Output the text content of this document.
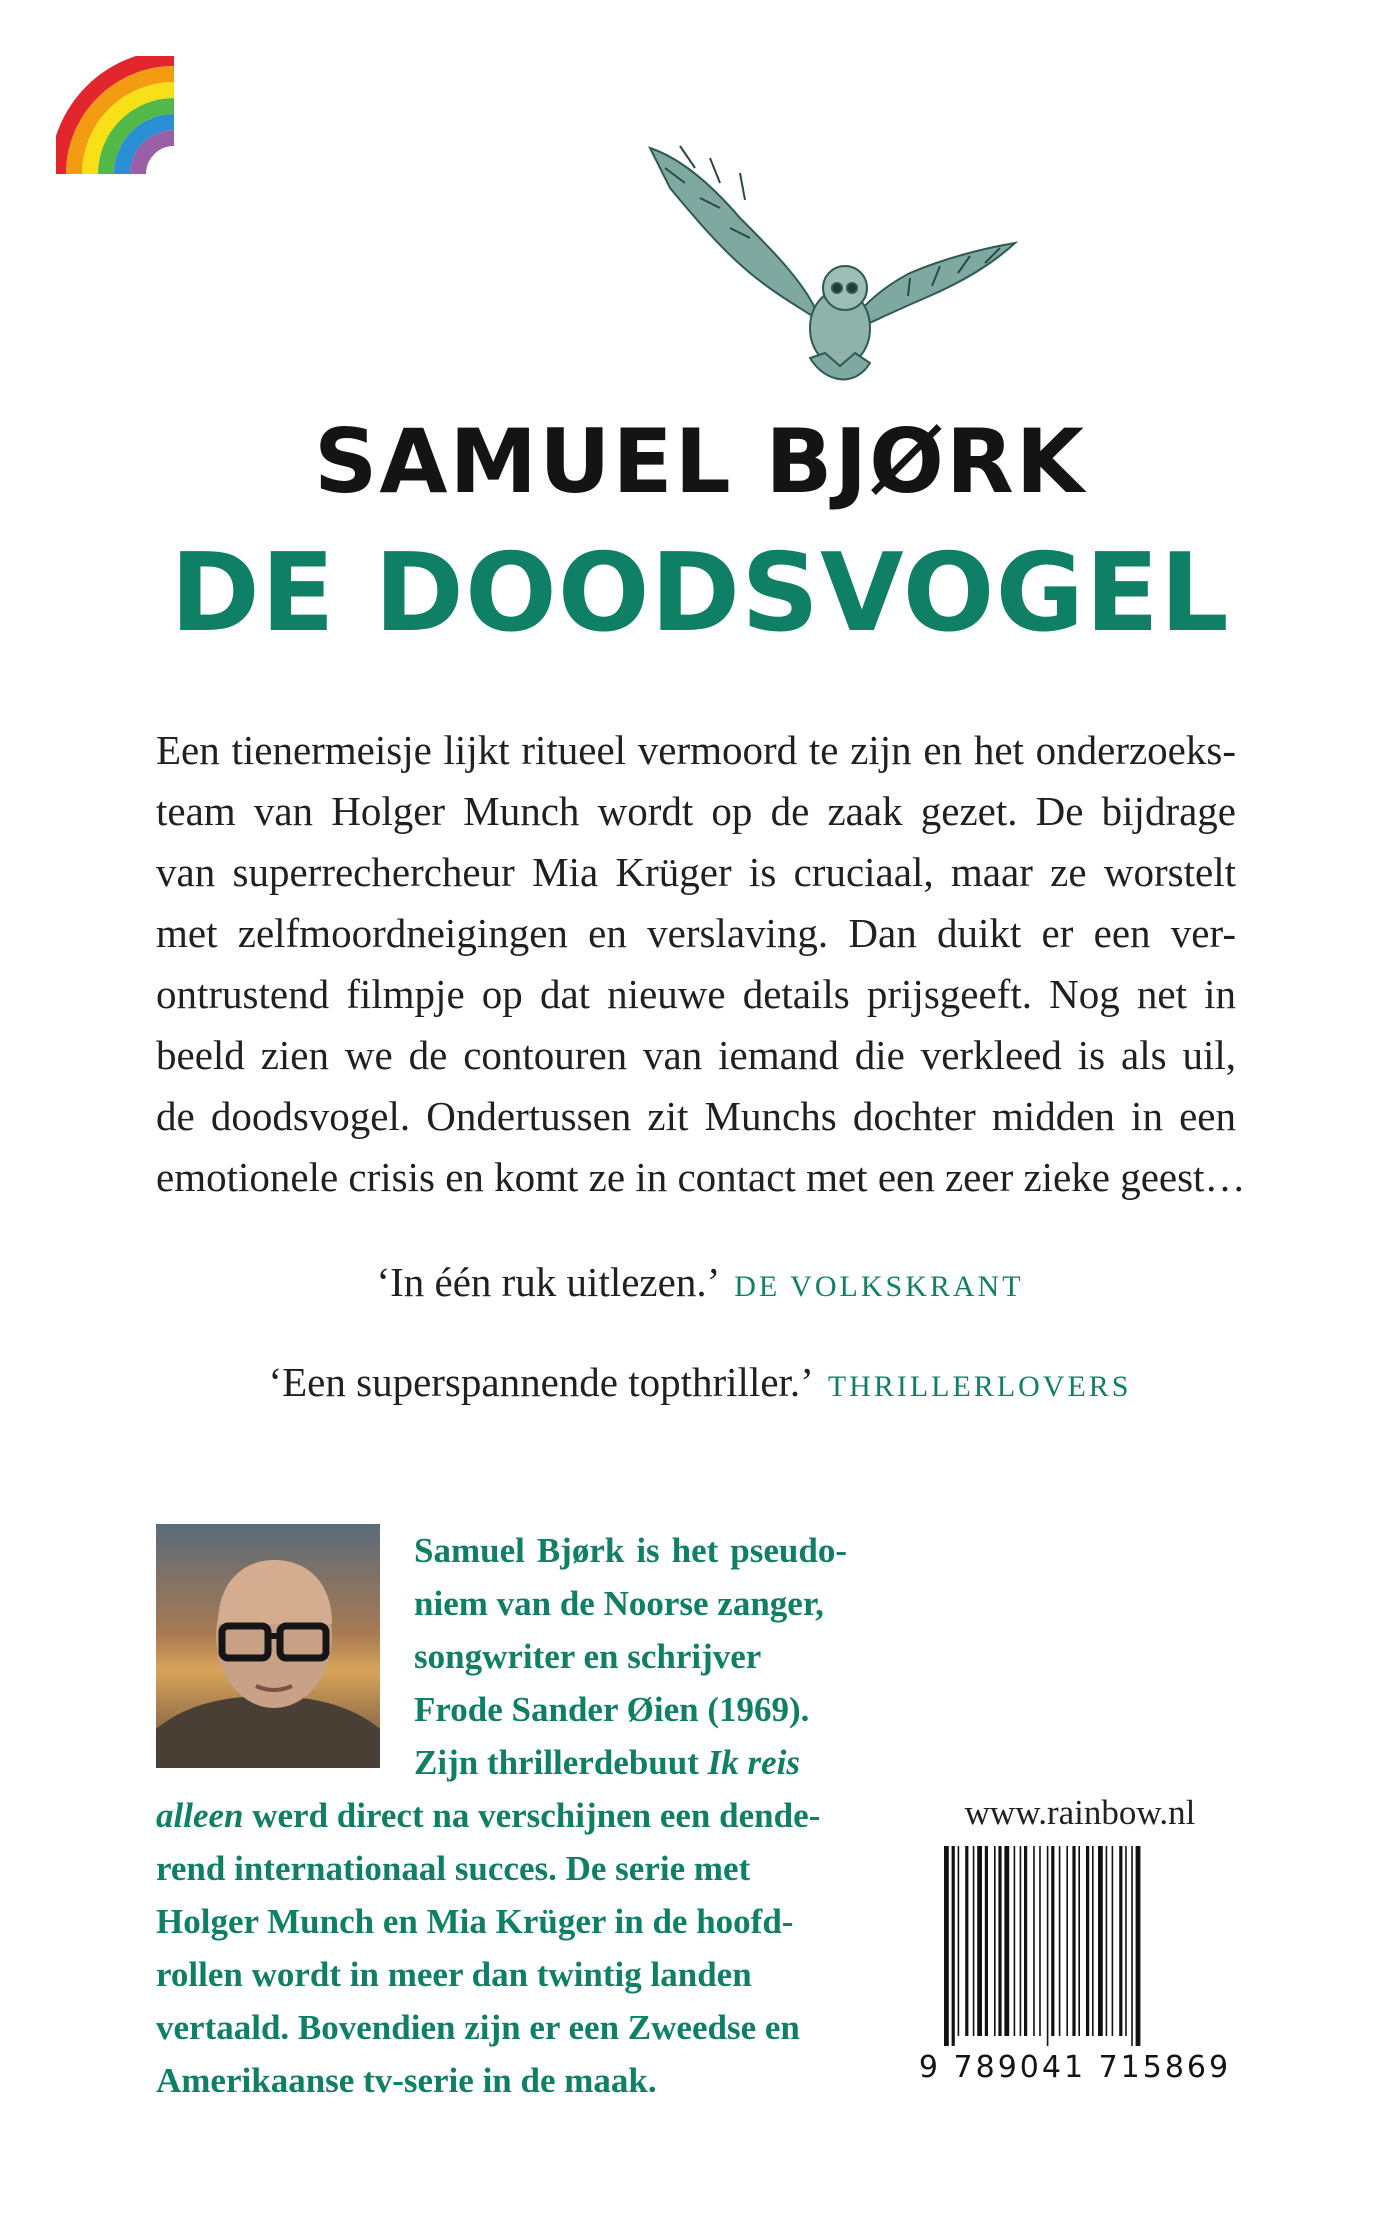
SAMUEL BJØRK
DE DOODSVOGEL
Een tienermeisje lijkt ritueel vermoord te zijn en het onderzoeks-
team van Holger Munch wordt op de zaak gezet. De bijdrage
van superrechercheur Mia Krüger is cruciaal, maar ze worstelt
met zelfmoordneigingen en verslaving. Dan duikt er een ver-
ontrustend filmpje op dat nieuwe details prijsgeeft. Nog net in
beeld zien we de contouren van iemand die verkleed is als uil,
de doodsvogel. Ondertussen zit Munchs dochter midden in een
emotionele crisis en komt ze in contact met een zeer zieke geest…
‘In één ruk uitlezen.’ DE VOLKSKRANT
‘Een superspannende topthriller.’ THRILLERLOVERS
Samuel Bjørk is het pseudo-
niem van de Noorse zanger,
songwriter en schrijver
Frode Sander Øien (1969).
Zijn thrillerdebuut Ik reis
alleen werd direct na verschijnen een dende-
rend internationaal succes. De serie met
Holger Munch en Mia Krüger in de hoofd-
rollen wordt in meer dan twintig landen
vertaald. Bovendien zijn er een Zweedse en
Amerikaanse tv-serie in de maak.
www.rainbow.nl
9 789041 715869
